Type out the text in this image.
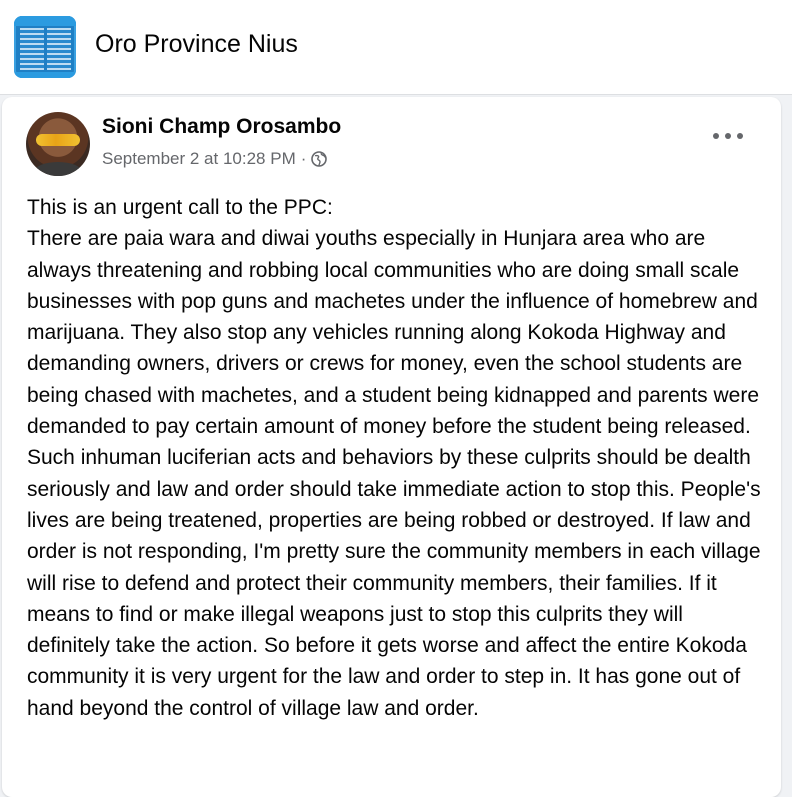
Oro Province Nius
Sioni Champ Orosambo
September 2 at 10:28 PM ·
This is an urgent call to the PPC:
There are paia wara and diwai youths especially in Hunjara area who are always threatening and robbing local communities who are doing small scale businesses with pop guns and machetes under the influence of homebrew and marijuana. They also stop any vehicles running along Kokoda Highway and demanding owners, drivers or crews for money, even the school students are being chased with machetes, and a student being kidnapped and parents were demanded to pay certain amount of money before the student being released. Such inhuman luciferian acts and behaviors by these culprits should be dealth seriously and law and order should take immediate action to stop this. People's lives are being treatened, properties are being robbed or destroyed. If law and order is not responding, I'm pretty sure the community members in each village will rise to defend and protect their community members, their families. If it means to find or make illegal weapons just to stop this culprits they will definitely take the action. So before it gets worse and affect the entire Kokoda community it is very urgent for the law and order to step in. It has gone out of hand beyond the control of village law and order.
